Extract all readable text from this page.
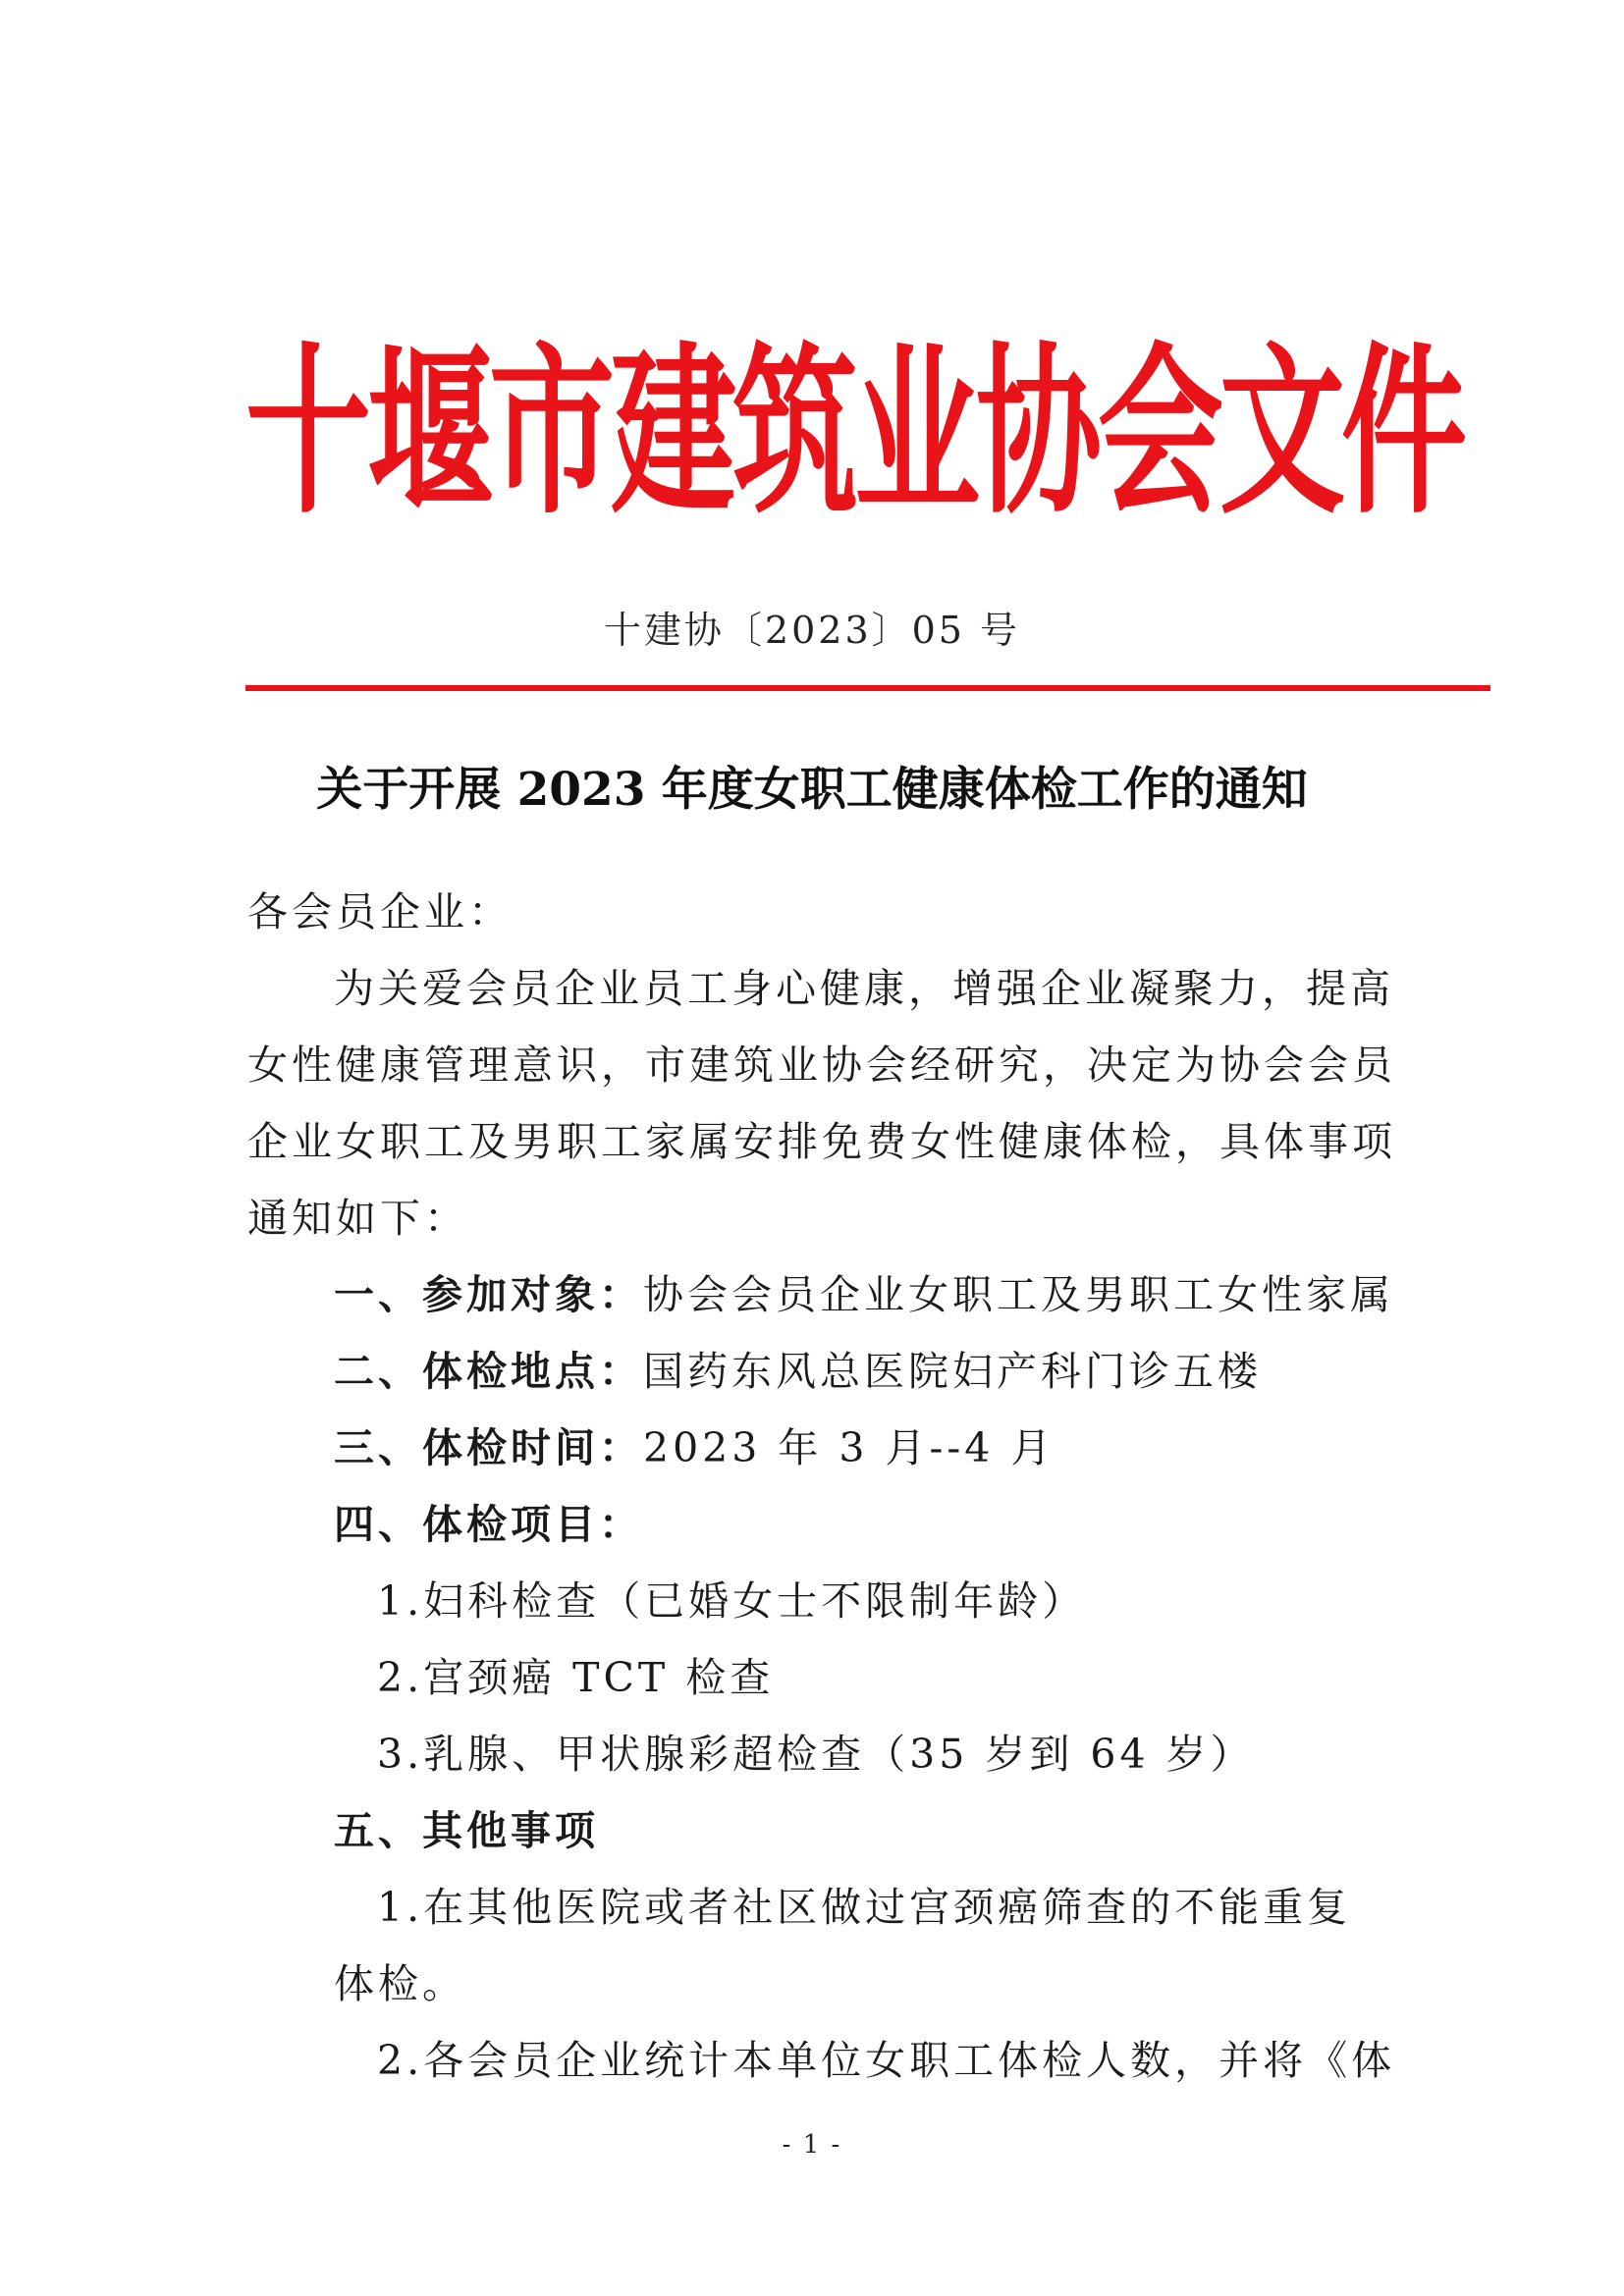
十堰市建筑业协会文件
十建协〔2023〕05 号
关于开展 2023 年度女职工健康体检工作的通知
各会员企业：
为关爱会员企业员工身心健康，增强企业凝聚力，提高
女性健康管理意识，市建筑业协会经研究，决定为协会会员
企业女职工及男职工家属安排免费女性健康体检，具体事项
通知如下：
一、参加对象：协会会员企业女职工及男职工女性家属
二、体检地点：国药东风总医院妇产科门诊五楼
三、体检时间：2023 年 3 月--4 月
四、体检项目：
1.妇科检查（已婚女士不限制年龄）
2.宫颈癌 TCT 检查
3.乳腺、甲状腺彩超检查（35 岁到 64 岁）
五、其他事项
1.在其他医院或者社区做过宫颈癌筛查的不能重复
体检。
2.各会员企业统计本单位女职工体检人数，并将《体
- 1 -
